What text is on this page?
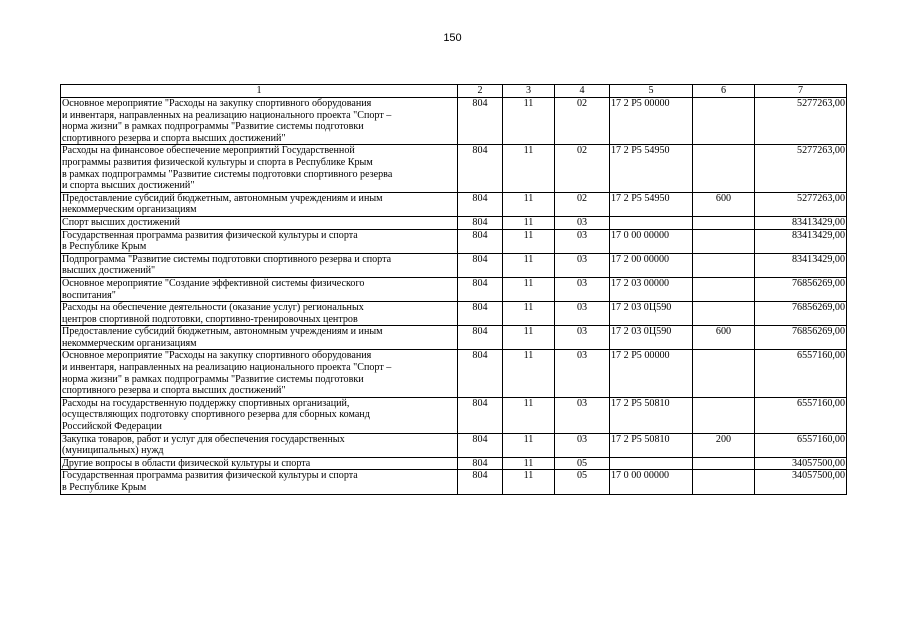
150
1	2	3	4	5	6	7

Основное мероприятие "Расходы на закупку спортивного оборудования
и инвентаря, направленных на реализацию национального проекта "Спорт –
норма жизни" в рамках подпрограммы "Развитие системы подготовки
спортивного резерва и спорта высших достижений"	804	11	02	17 2 P5 00000		5277263,00

Расходы на финансовое обеспечение мероприятий Государственной
программы развития физической культуры и спорта в Республике Крым
в рамках подпрограммы "Развитие системы подготовки спортивного резерва
и спорта высших достижений"	804	11	02	17 2 P5 54950		5277263,00

Предоставление субсидий бюджетным, автономным учреждениям и иным
некоммерческим организациям	804	11	02	17 2 P5 54950	600	5277263,00

Спорт высших достижений	804	11	03			83413429,00

Государственная программа развития физической культуры и спорта
в Республике Крым	804	11	03	17 0 00 00000		83413429,00

Подпрограмма "Развитие системы подготовки спортивного резерва и спорта
высших достижений"	804	11	03	17 2 00 00000		83413429,00

Основное мероприятие "Создание эффективной системы физического
воспитания"	804	11	03	17 2 03 00000		76856269,00

Расходы на обеспечение деятельности (оказание услуг) региональных
центров спортивной подготовки, спортивно-тренировочных центров	804	11	03	17 2 03 0Ц590		76856269,00

Предоставление субсидий бюджетным, автономным учреждениям и иным
некоммерческим организациям	804	11	03	17 2 03 0Ц590	600	76856269,00

Основное мероприятие "Расходы на закупку спортивного оборудования
и инвентаря, направленных на реализацию национального проекта "Спорт –
норма жизни" в рамках подпрограммы "Развитие системы подготовки
спортивного резерва и спорта высших достижений"	804	11	03	17 2 P5 00000		6557160,00

Расходы на государственную поддержку спортивных организаций,
осуществляющих подготовку спортивного резерва для сборных команд
Российской Федерации	804	11	03	17 2 P5 50810		6557160,00

Закупка товаров, работ и услуг для обеспечения государственных
(муниципальных) нужд	804	11	03	17 2 P5 50810	200	6557160,00

Другие вопросы в области физической культуры и спорта	804	11	05			34057500,00

Государственная программа развития физической культуры и спорта
в Республике Крым	804	11	05	17 0 00 00000		34057500,00
